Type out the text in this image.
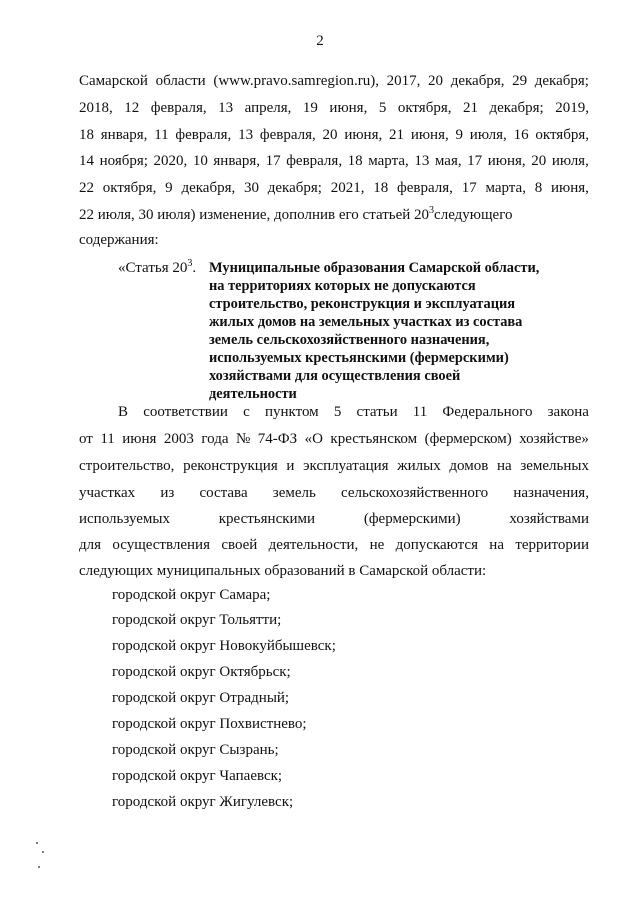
2
Самарской области (www.pravo.samregion.ru), 2017, 20 декабря, 29 декабря;
2018, 12 февраля, 13 апреля, 19 июня, 5 октября, 21 декабря; 2019,
18 января, 11 февраля, 13 февраля, 20 июня, 21 июня, 9 июля, 16 октября,
14 ноября; 2020, 10 января, 17 февраля, 18 марта, 13 мая, 17 июня, 20 июля,
22 октября, 9 декабря, 30 декабря; 2021, 18 февраля, 17 марта, 8 июня,
22 июля, 30 июля) изменение, дополнив его статьей $20^3следующего$
содержания:
«Статья $20^3$. Муниципальные образования Самарской области,
на территориях которых не допускаются
строительство, реконструкция и эксплуатация
жилых домов на земельных участках из состава
земель сельскохозяйственного назначения,
используемых крестьянскими (фермерскими)
хозяйствами для осуществления своей
деятельности
В соответствии с пунктом 5 статьи 11 Федерального закона
от 11 июня 2003 года № 74-ФЗ «О крестьянском (фермерском) хозяйстве»
строительство, реконструкция и эксплуатация жилых домов на земельных
участках из состава земель сельскохозяйственного назначения,
используемых	крестьянскими	(фермерскими)	хозяйствами
для осуществления своей деятельности, не допускаются на территории
следующих муниципальных образований в Самарской области:
городской округ Самара;
городской округ Тольятти;
городской округ Новокуйбышевск;
городской округ Октябрьск;
городской округ Отрадный;
городской округ Похвистнево;
городской округ Сызрань;
городской округ Чапаевск;
городской округ Жигулевск;
